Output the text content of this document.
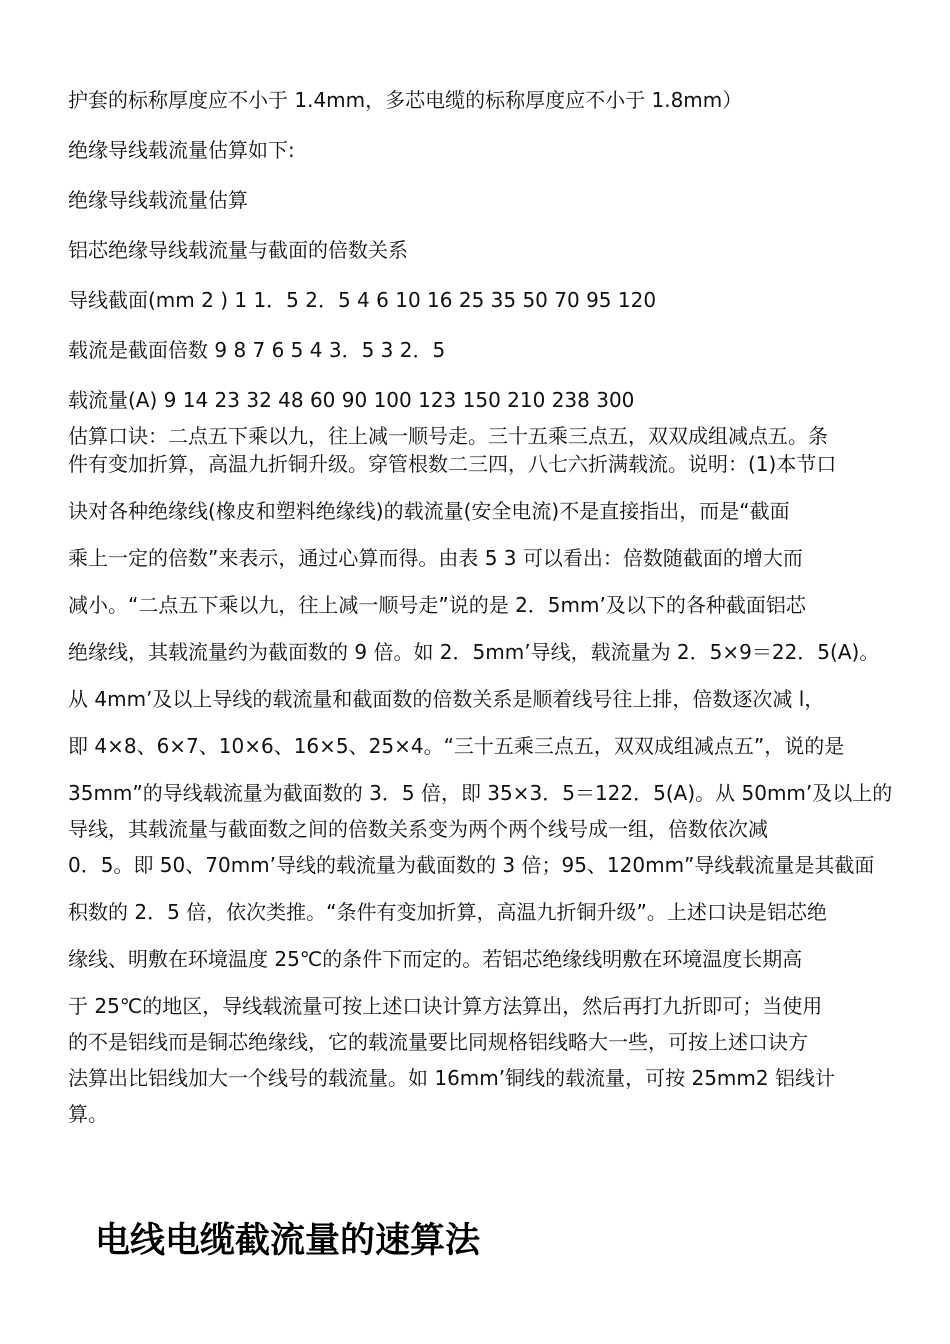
护套的标称厚度应不小于 1.4mm，多芯电缆的标称厚度应不小于 1.8mm）
绝缘导线载流量估算如下:
绝缘导线载流量估算
铝芯绝缘导线载流量与截面的倍数关系
导线截面(mm 2 ) 1 1．5 2．5 4 6 10 16 25 35 50 70 95 120
载流是截面倍数 9 8 7 6 5 4 3．5 3 2．5
载流量(A) 9 14 23 32 48 60 90 100 123 150 210 238 300
估算口诀：二点五下乘以九，往上减一顺号走。三十五乘三点五，双双成组减点五。条
件有变加折算，高温九折铜升级。穿管根数二三四，八七六折满载流。说明：(1)本节口
诀对各种绝缘线(橡皮和塑料绝缘线)的载流量(安全电流)不是直接指出，而是“截面
乘上一定的倍数”来表示，通过心算而得。由表 5 3 可以看出：倍数随截面的增大而
减小。“二点五下乘以九，往上减一顺号走”说的是 2．5mm’及以下的各种截面铝芯
绝缘线，其载流量约为截面数的 9 倍。如 2．5mm’导线，载流量为 2．5×9＝22．5(A)。
从 4mm’及以上导线的载流量和截面数的倍数关系是顺着线号往上排，倍数逐次减 l，
即 4×8、6×7、10×6、16×5、25×4。“三十五乘三点五，双双成组减点五”，说的是
35mm”的导线载流量为截面数的 3．5 倍，即 35×3．5＝122．5(A)。从 50mm’及以上的
导线，其载流量与截面数之间的倍数关系变为两个两个线号成一组，倍数依次减
0．5。即 50、70mm’导线的载流量为截面数的 3 倍；95、120mm”导线载流量是其截面
积数的 2．5 倍，依次类推。“条件有变加折算，高温九折铜升级”。上述口诀是铝芯绝
缘线、明敷在环境温度 25℃的条件下而定的。若铝芯绝缘线明敷在环境温度长期高
于 25℃的地区，导线载流量可按上述口诀计算方法算出，然后再打九折即可；当使用
的不是铝线而是铜芯绝缘线，它的载流量要比同规格铝线略大一些，可按上述口诀方
法算出比铝线加大一个线号的载流量。如 16mm’铜线的载流量，可按 25mm2 铝线计
算。
电线电缆截流量的速算法
